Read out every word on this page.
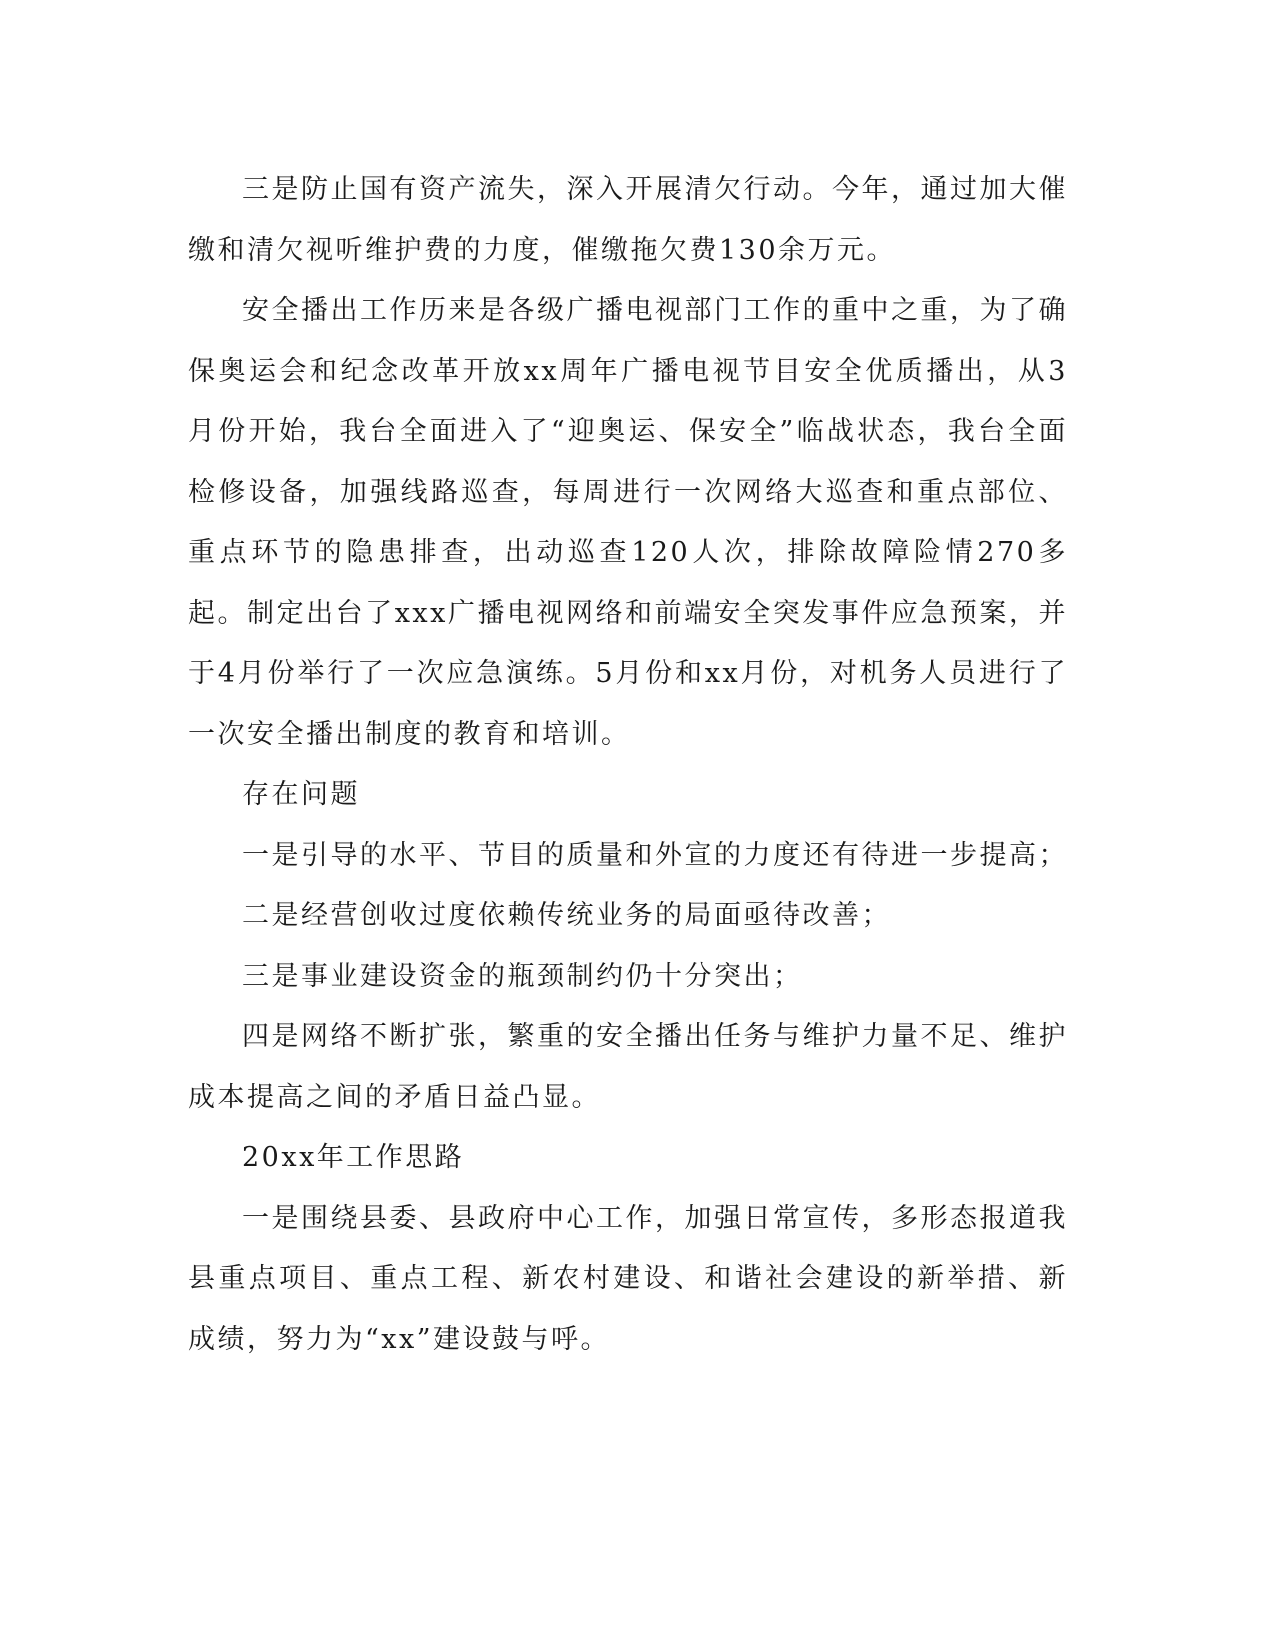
三是防止国有资产流失，深入开展清欠行动。今年，通过加大催缴和清欠视听维护费的力度，催缴拖欠费130余万元。

安全播出工作历来是各级广播电视部门工作的重中之重，为了确保奥运会和纪念改革开放xx周年广播电视节目安全优质播出，从3月份开始，我台全面进入了“迎奥运、保安全”临战状态，我台全面检修设备，加强线路巡查，每周进行一次网络大巡查和重点部位、重点环节的隐患排查，出动巡查120人次，排除故障险情270多起。制定出台了xxx广播电视网络和前端安全突发事件应急预案，并于4月份举行了一次应急演练。5月份和xx月份，对机务人员进行了一次安全播出制度的教育和培训。

存在问题

一是引导的水平、节目的质量和外宣的力度还有待进一步提高；

二是经营创收过度依赖传统业务的局面亟待改善；

三是事业建设资金的瓶颈制约仍十分突出；

四是网络不断扩张，繁重的安全播出任务与维护力量不足、维护成本提高之间的矛盾日益凸显。

20xx年工作思路

一是围绕县委、县政府中心工作，加强日常宣传，多形态报道我县重点项目、重点工程、新农村建设、和谐社会建设的新举措、新成绩，努力为“xx”建设鼓与呼。
